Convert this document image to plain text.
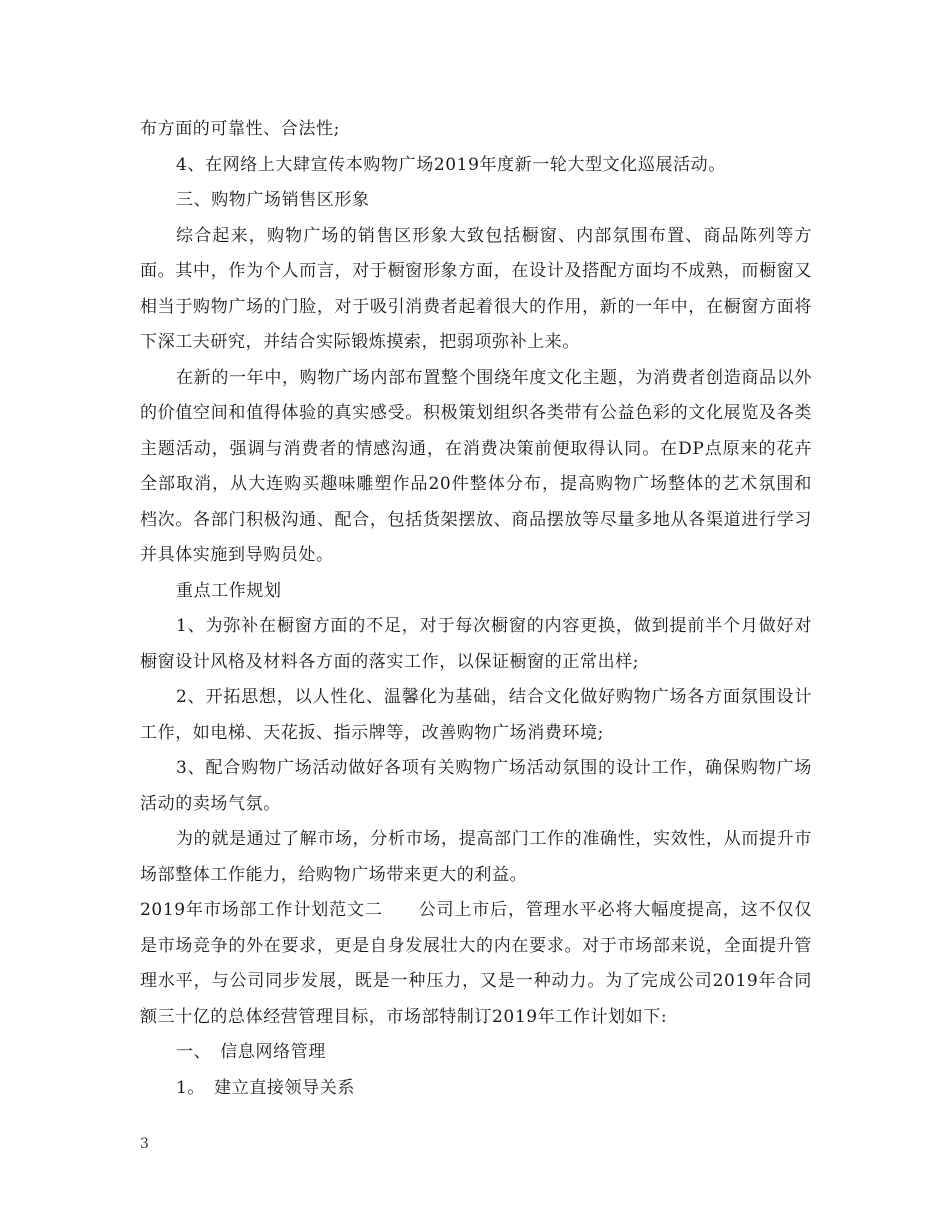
布方面的可靠性、合法性;

4、在网络上大肆宣传本购物广场2019年度新一轮大型文化巡展活动。

三、购物广场销售区形象

综合起来，购物广场的销售区形象大致包括橱窗、内部氛围布置、商品陈列等方面。其中，作为个人而言，对于橱窗形象方面，在设计及搭配方面均不成熟，而橱窗又相当于购物广场的门脸，对于吸引消费者起着很大的作用，新的一年中，在橱窗方面将下深工夫研究，并结合实际锻炼摸索，把弱项弥补上来。

在新的一年中，购物广场内部布置整个围绕年度文化主题，为消费者创造商品以外的价值空间和值得体验的真实感受。积极策划组织各类带有公益色彩的文化展览及各类主题活动，强调与消费者的情感沟通，在消费决策前便取得认同。在DP点原来的花卉全部取消，从大连购买趣味雕塑作品20件整体分布，提高购物广场整体的艺术氛围和档次。各部门积极沟通、配合，包括货架摆放、商品摆放等尽量多地从各渠道进行学习并具体实施到导购员处。

重点工作规划

1、为弥补在橱窗方面的不足，对于每次橱窗的内容更换，做到提前半个月做好对橱窗设计风格及材料各方面的落实工作，以保证橱窗的正常出样;

2、开拓思想，以人性化、温馨化为基础，结合文化做好购物广场各方面氛围设计工作，如电梯、天花扳、指示牌等，改善购物广场消费环境;

3、配合购物广场活动做好各项有关购物广场活动氛围的设计工作，确保购物广场活动的卖场气氛。

为的就是通过了解市场，分析市场，提高部门工作的准确性，实效性，从而提升市场部整体工作能力，给购物广场带来更大的利益。

2019年市场部工作计划范文二　　公司上市后，管理水平必将大幅度提高，这不仅仅是市场竞争的外在要求，更是自身发展壮大的内在要求。对于市场部来说，全面提升管理水平，与公司同步发展，既是一种压力，又是一种动力。为了完成公司2019年合同额三十亿的总体经营管理目标，市场部特制订2019年工作计划如下:

一、　信息网络管理

1。　建立直接领导关系

3
